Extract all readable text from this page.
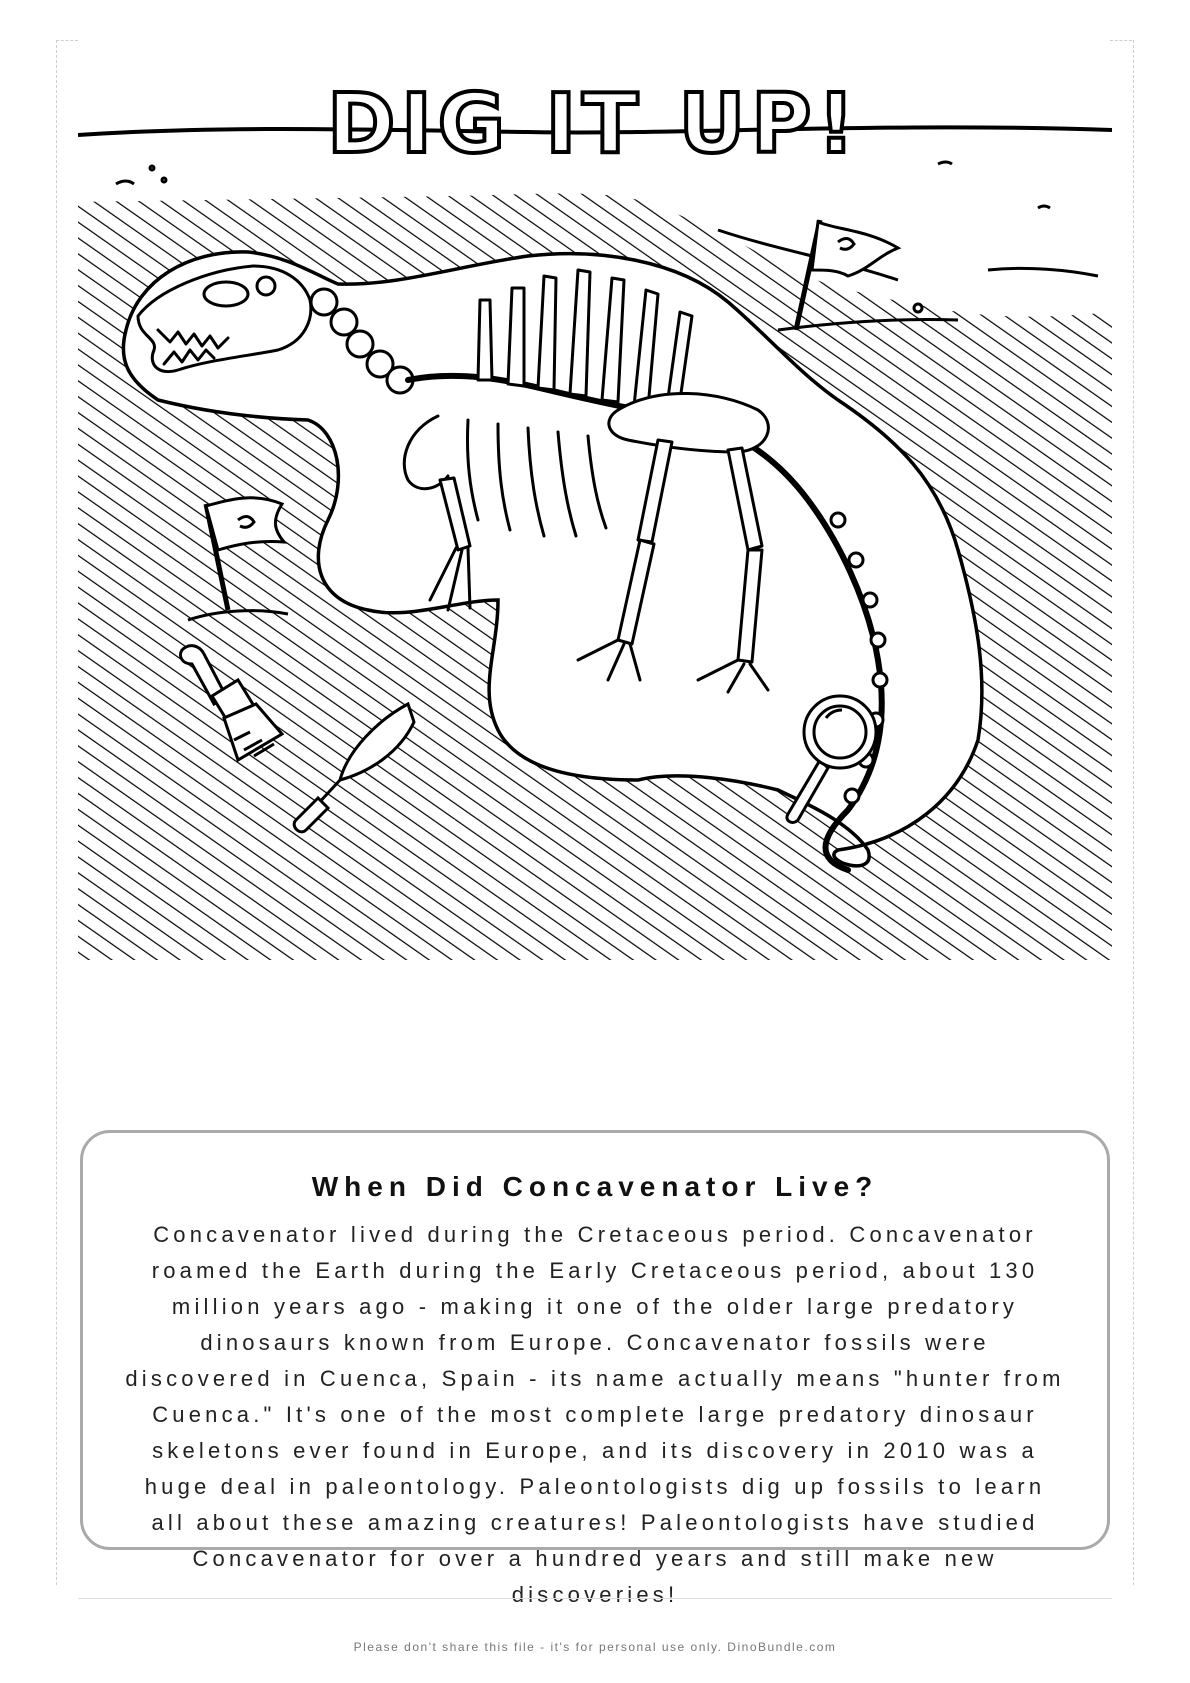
DIG IT UP!
When Did Concavenator Live?

Concavenator lived during the Cretaceous period. Concavenator roamed the Earth during the Early Cretaceous period, about 130 million years ago - making it one of the older large predatory dinosaurs known from Europe. Concavenator fossils were discovered in Cuenca, Spain - its name actually means "hunter from Cuenca." It's one of the most complete large predatory dinosaur skeletons ever found in Europe, and its discovery in 2010 was a huge deal in paleontology. Paleontologists dig up fossils to learn all about these amazing creatures! Paleontologists have studied Concavenator for over a hundred years and still make new discoveries!

Please don't share this file - it's for personal use only. DinoBundle.com
